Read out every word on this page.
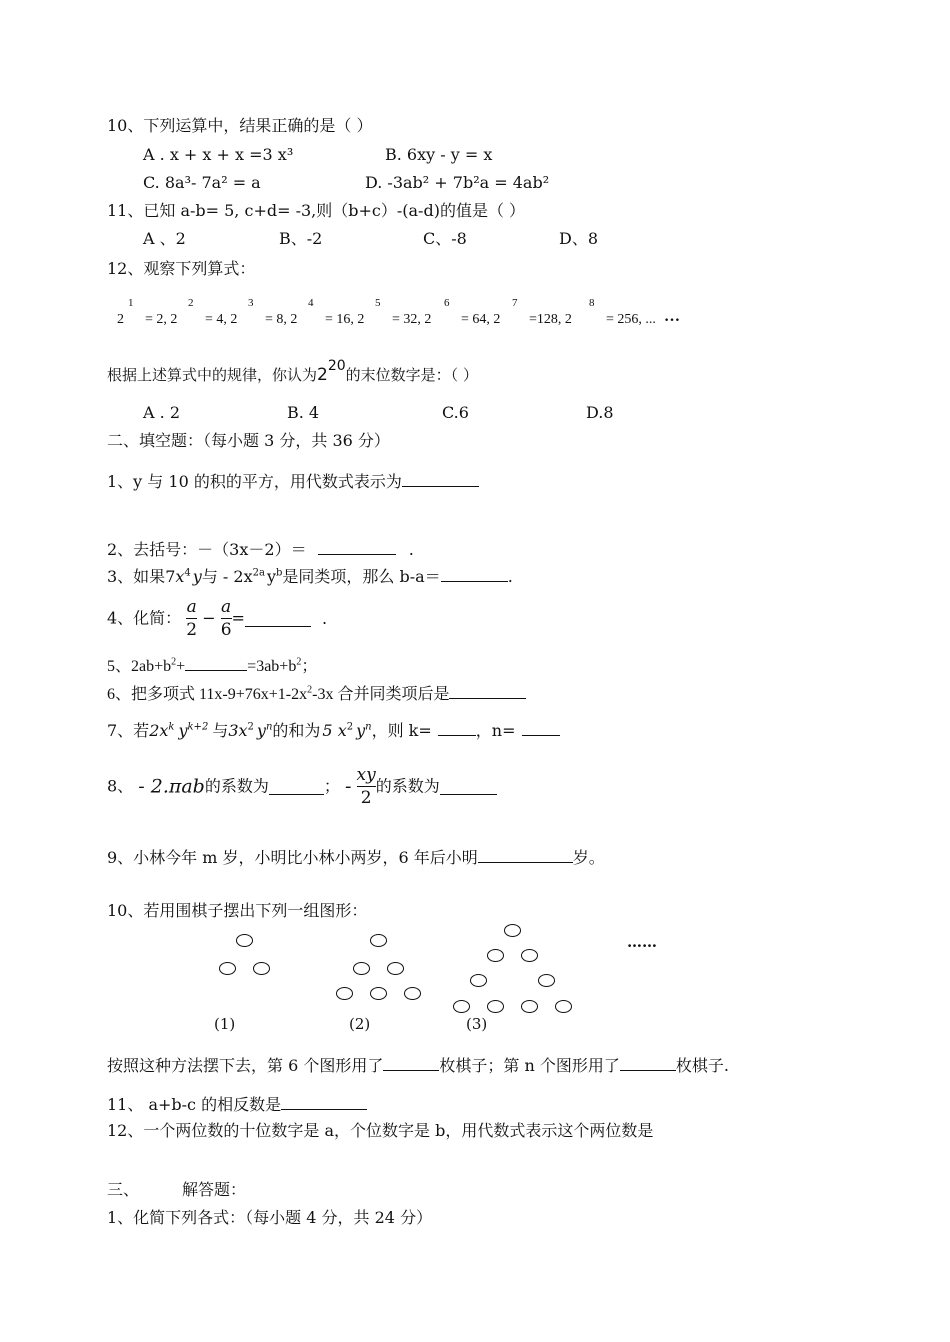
10、下列运算中，结果正确的是（ ）
A . x + x + x =3 x³	B. 6xy - y = x
C. 8a³- 7a² = a	D. -3ab² + 7b²a = 4ab²
11、已知 a-b= 5, c+d= -3,则（b+c）-(a-d)的值是（ ）
A 、2	B、-2	C、-8	D、8
12、观察下列算式：
2
1
= 2, 2
2
= 4, 2
3
= 8, 2
4
= 16, 2
5
= 32, 2
6
= 64, 2
7
=128, 2
8
= 256, ... …
根据上述算式中的规律，你认为220的末位数字是：（ ）
A . 2	B. 4	C.6	D.8
二、填空题：（每小题 3 分，共 36 分）
1、y 与 10 的积的平方，用代数式表示为
2、去括号：－（3x－2）＝	.
3、如果$7x^4$ y与 - $2x^{2a}$ $y^b$是同类项，那么 b-a＝	.
4、化简： $\frac{a}{2} - \frac{a}{6}$ =	.
5、$2ab+b^2+$	$=3ab+b^2$；
6、把多项式 $11x-9+76x+1-2x^2-3x$ 合并同类项后是
7、若$2x^k$ $y^{k+2}$ 与$3x^2$ $y^n$的和为 5 $x^2$ $y^n$，则 k=	，n=
8、 - 2.πab的系数为	； - $\frac{xy}{2}$ 的系数为
9、小林今年 m 岁，小明比小林小两岁，6 年后小明	岁。
10、若用围棋子摆出下列一组图形：
……
(1)	(2)	(3)
按照这种方法摆下去，第 6 个图形用了	枚棋子；第 n 个图形用了	枚棋子.
11、 a+b-c 的相反数是
12、一个两位数的十位数字是 a，个位数字是 b，用代数式表示这个两位数是
三、	解答题：
1、化简下列各式：（每小题 4 分，共 24 分）
